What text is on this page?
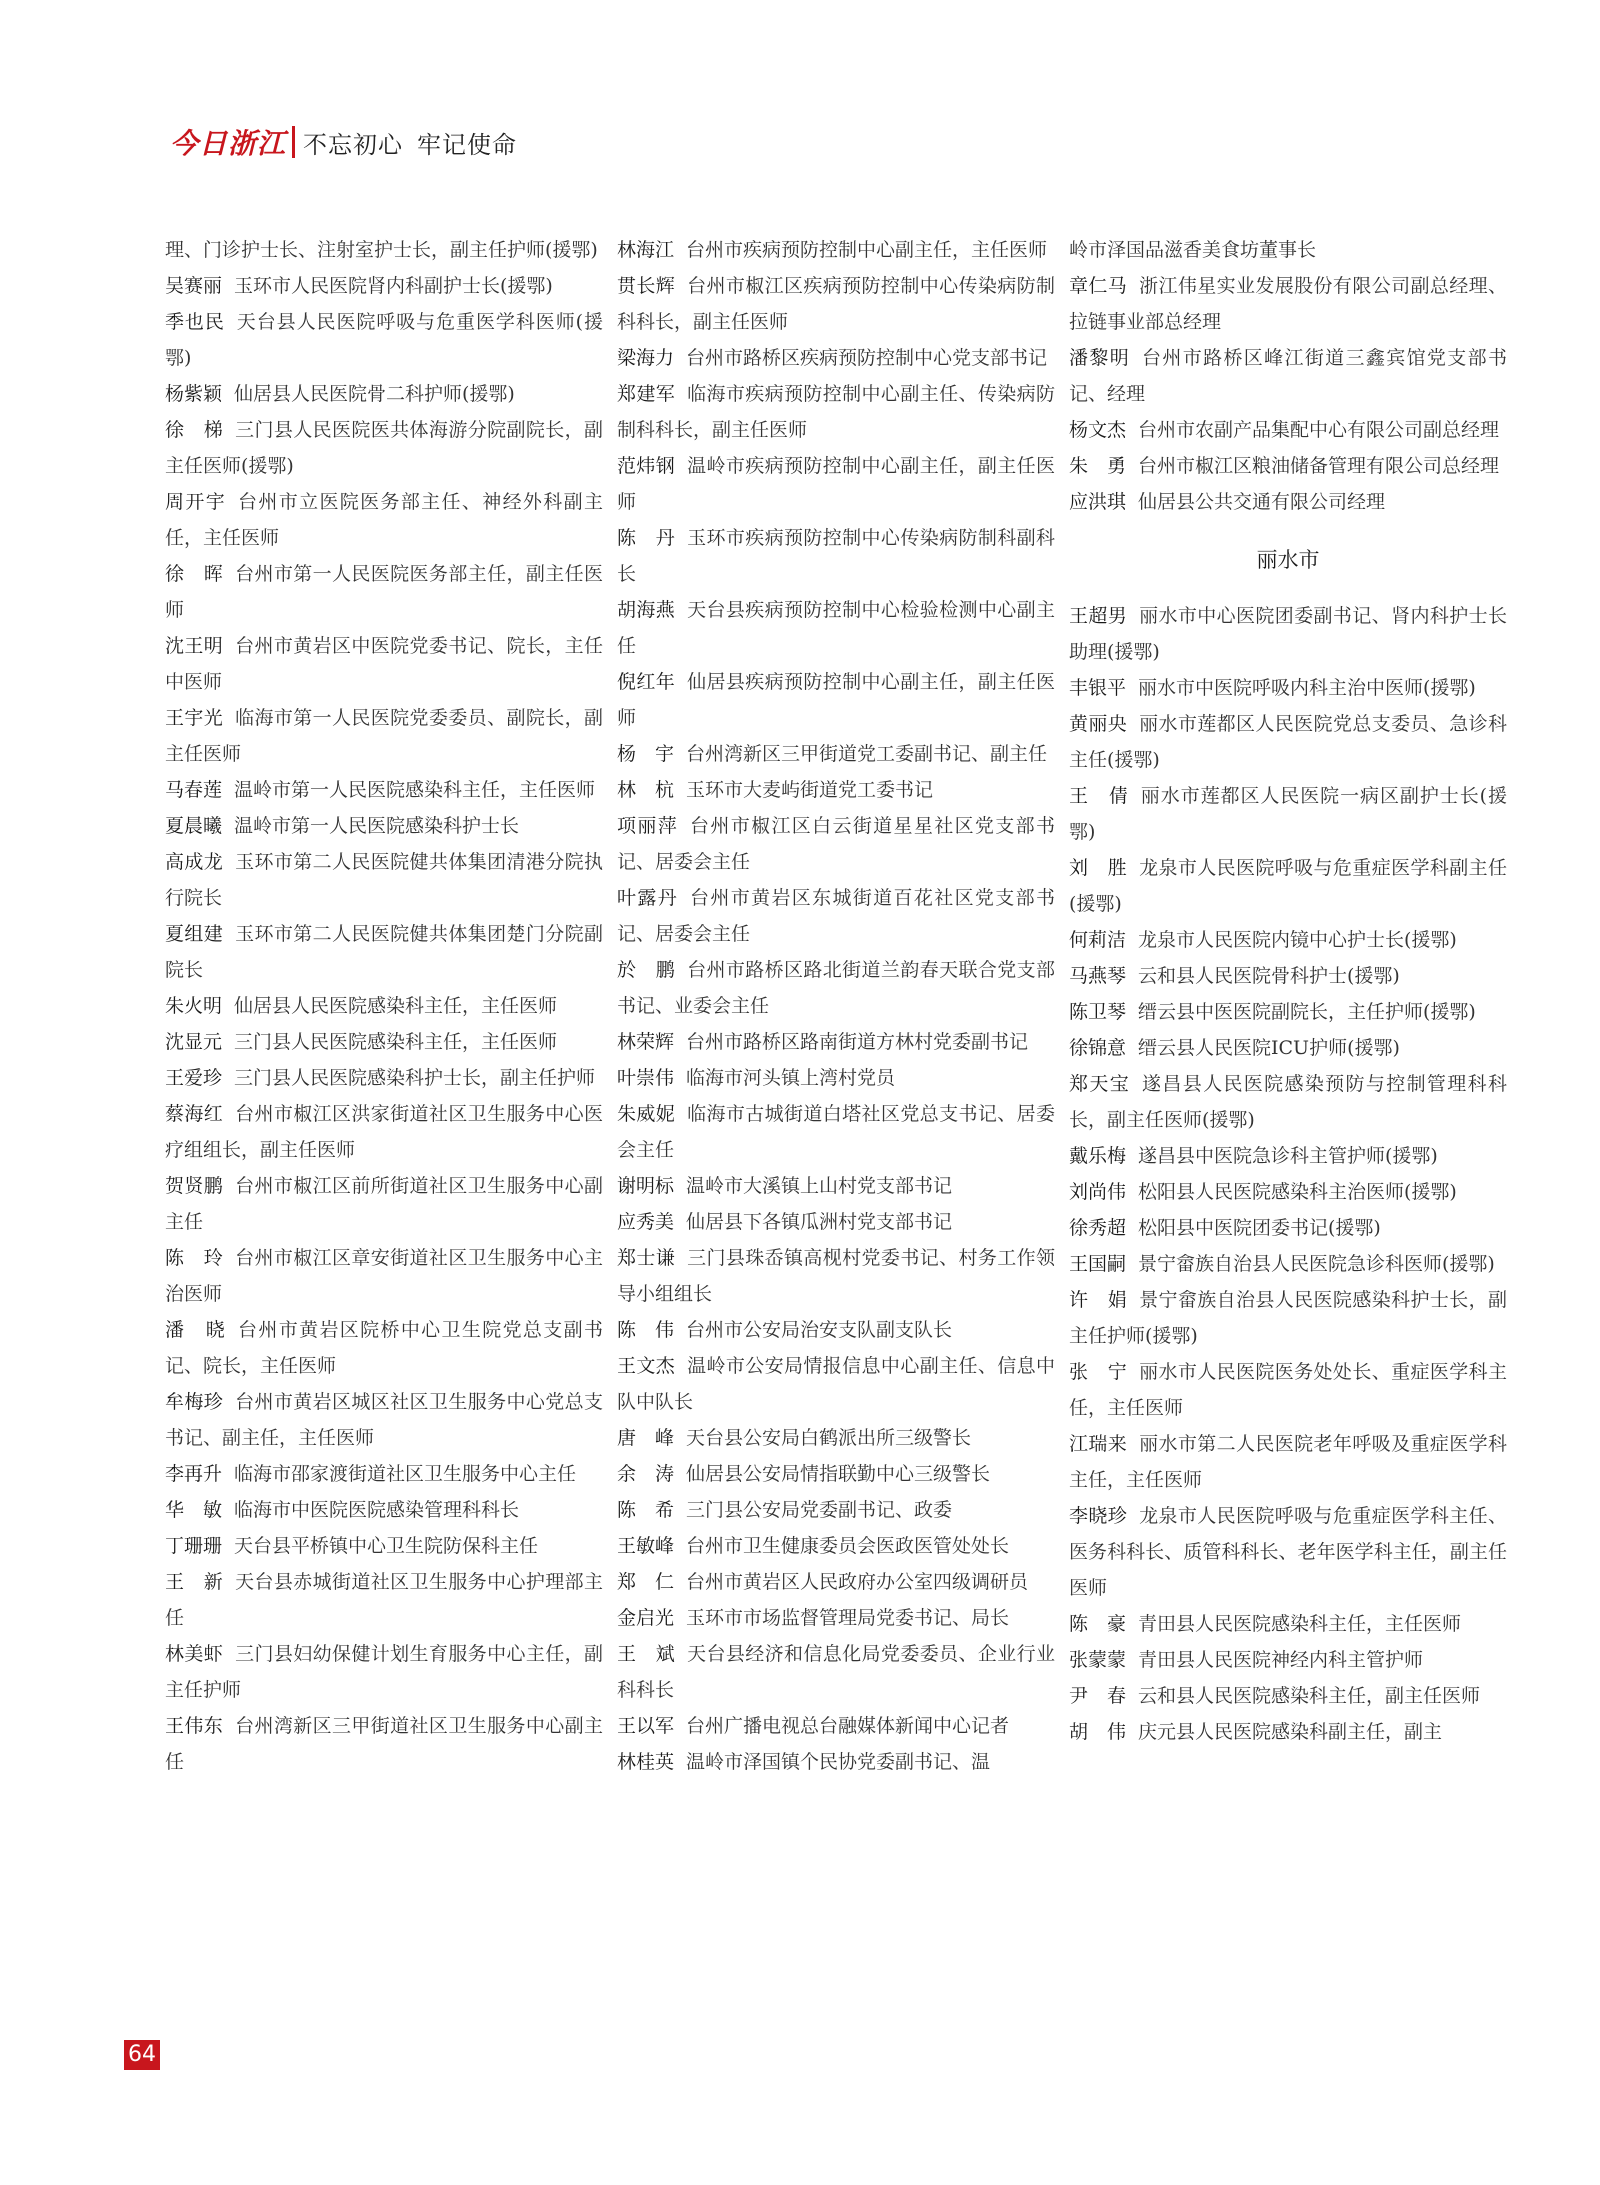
今日浙江 不忘初心 牢记使命

理、门诊护士长、注射室护士长，副主任护师(援鄂)

吴赛丽 玉环市人民医院肾内科副护士长(援鄂)

季也民 天台县人民医院呼吸与危重医学科医师(援鄂)

杨紫颖 仙居县人民医院骨二科护师(援鄂)

徐　梯 三门县人民医院医共体海游分院副院长，副主任医师(援鄂)

周开宇 台州市立医院医务部主任、神经外科副主任，主任医师

徐　晖 台州市第一人民医院医务部主任，副主任医师

沈王明 台州市黄岩区中医院党委书记、院长，主任中医师

王宇光 临海市第一人民医院党委委员、副院长，副主任医师

马春莲 温岭市第一人民医院感染科主任，主任医师

夏晨曦 温岭市第一人民医院感染科护士长

高成龙 玉环市第二人民医院健共体集团清港分院执行院长

夏组建 玉环市第二人民医院健共体集团楚门分院副院长

朱火明 仙居县人民医院感染科主任，主任医师

沈显元 三门县人民医院感染科主任，主任医师

王爱珍 三门县人民医院感染科护士长，副主任护师

蔡海红 台州市椒江区洪家街道社区卫生服务中心医疗组组长，副主任医师

贺贤鹏 台州市椒江区前所街道社区卫生服务中心副主任

陈　玲 台州市椒江区章安街道社区卫生服务中心主治医师

潘　晓 台州市黄岩区院桥中心卫生院党总支副书记、院长，主任医师

牟梅珍 台州市黄岩区城区社区卫生服务中心党总支书记、副主任，主任医师

李再升 临海市邵家渡街道社区卫生服务中心主任

华　敏 临海市中医院医院感染管理科科长

丁珊珊 天台县平桥镇中心卫生院防保科主任

王　新 天台县赤城街道社区卫生服务中心护理部主任

林美虾 三门县妇幼保健计划生育服务中心主任，副主任护师

王伟东 台州湾新区三甲街道社区卫生服务中心副主任

林海江 台州市疾病预防控制中心副主任，主任医师

贯长辉 台州市椒江区疾病预防控制中心传染病防制科科长，副主任医师

梁海力 台州市路桥区疾病预防控制中心党支部书记

郑建军 临海市疾病预防控制中心副主任、传染病防制科科长，副主任医师

范炜钢 温岭市疾病预防控制中心副主任，副主任医师

陈　丹 玉环市疾病预防控制中心传染病防制科副科长

胡海燕 天台县疾病预防控制中心检验检测中心副主任

倪红年 仙居县疾病预防控制中心副主任，副主任医师

杨　宇 台州湾新区三甲街道党工委副书记、副主任

林　杭 玉环市大麦屿街道党工委书记

项丽萍 台州市椒江区白云街道星星社区党支部书记、居委会主任

叶露丹 台州市黄岩区东城街道百花社区党支部书记、居委会主任

於　鹏 台州市路桥区路北街道兰韵春天联合党支部书记、业委会主任

林荣辉 台州市路桥区路南街道方林村党委副书记

叶崇伟 临海市河头镇上湾村党员

朱威妮 临海市古城街道白塔社区党总支书记、居委会主任

谢明标 温岭市大溪镇上山村党支部书记

应秀美 仙居县下各镇瓜洲村党支部书记

郑士谦 三门县珠岙镇高枧村党委书记、村务工作领导小组组长

陈　伟 台州市公安局治安支队副支队长

王文杰 温岭市公安局情报信息中心副主任、信息中队中队长

唐　峰 天台县公安局白鹤派出所三级警长

余　涛 仙居县公安局情指联勤中心三级警长

陈　希 三门县公安局党委副书记、政委

王敏峰 台州市卫生健康委员会医政医管处处长

郑　仁 台州市黄岩区人民政府办公室四级调研员

金启光 玉环市市场监督管理局党委书记、局长

王　斌 天台县经济和信息化局党委委员、企业行业科科长

王以军 台州广播电视总台融媒体新闻中心记者

林桂英 温岭市泽国镇个民协党委副书记、温

岭市泽国品滋香美食坊董事长

章仁马 浙江伟星实业发展股份有限公司副总经理、拉链事业部总经理

潘黎明 台州市路桥区峰江街道三鑫宾馆党支部书记、经理

杨文杰 台州市农副产品集配中心有限公司副总经理

朱　勇 台州市椒江区粮油储备管理有限公司总经理

应洪琪 仙居县公共交通有限公司经理

丽水市

王超男 丽水市中心医院团委副书记、肾内科护士长助理(援鄂)

丰银平 丽水市中医院呼吸内科主治中医师(援鄂)

黄丽央 丽水市莲都区人民医院党总支委员、急诊科主任(援鄂)

王　倩 丽水市莲都区人民医院一病区副护士长(援鄂)

刘　胜 龙泉市人民医院呼吸与危重症医学科副主任(援鄂)

何莉洁 龙泉市人民医院内镜中心护士长(援鄂)

马燕琴 云和县人民医院骨科护士(援鄂)

陈卫琴 缙云县中医医院副院长，主任护师(援鄂)

徐锦意 缙云县人民医院ICU护师(援鄂)

郑天宝 遂昌县人民医院感染预防与控制管理科科长，副主任医师(援鄂)

戴乐梅 遂昌县中医院急诊科主管护师(援鄂)

刘尚伟 松阳县人民医院感染科主治医师(援鄂)

徐秀超 松阳县中医院团委书记(援鄂)

王国嗣 景宁畲族自治县人民医院急诊科医师(援鄂)

许　娟 景宁畲族自治县人民医院感染科护士长，副主任护师(援鄂)

张　宁 丽水市人民医院医务处处长、重症医学科主任，主任医师

江瑞来 丽水市第二人民医院老年呼吸及重症医学科主任，主任医师

李晓珍 龙泉市人民医院呼吸与危重症医学科主任、医务科科长、质管科科长、老年医学科主任，副主任医师

陈　豪 青田县人民医院感染科主任，主任医师

张蒙蒙 青田县人民医院神经内科主管护师

尹　春 云和县人民医院感染科主任，副主任医师

胡　伟 庆元县人民医院感染科副主任，副主

64
